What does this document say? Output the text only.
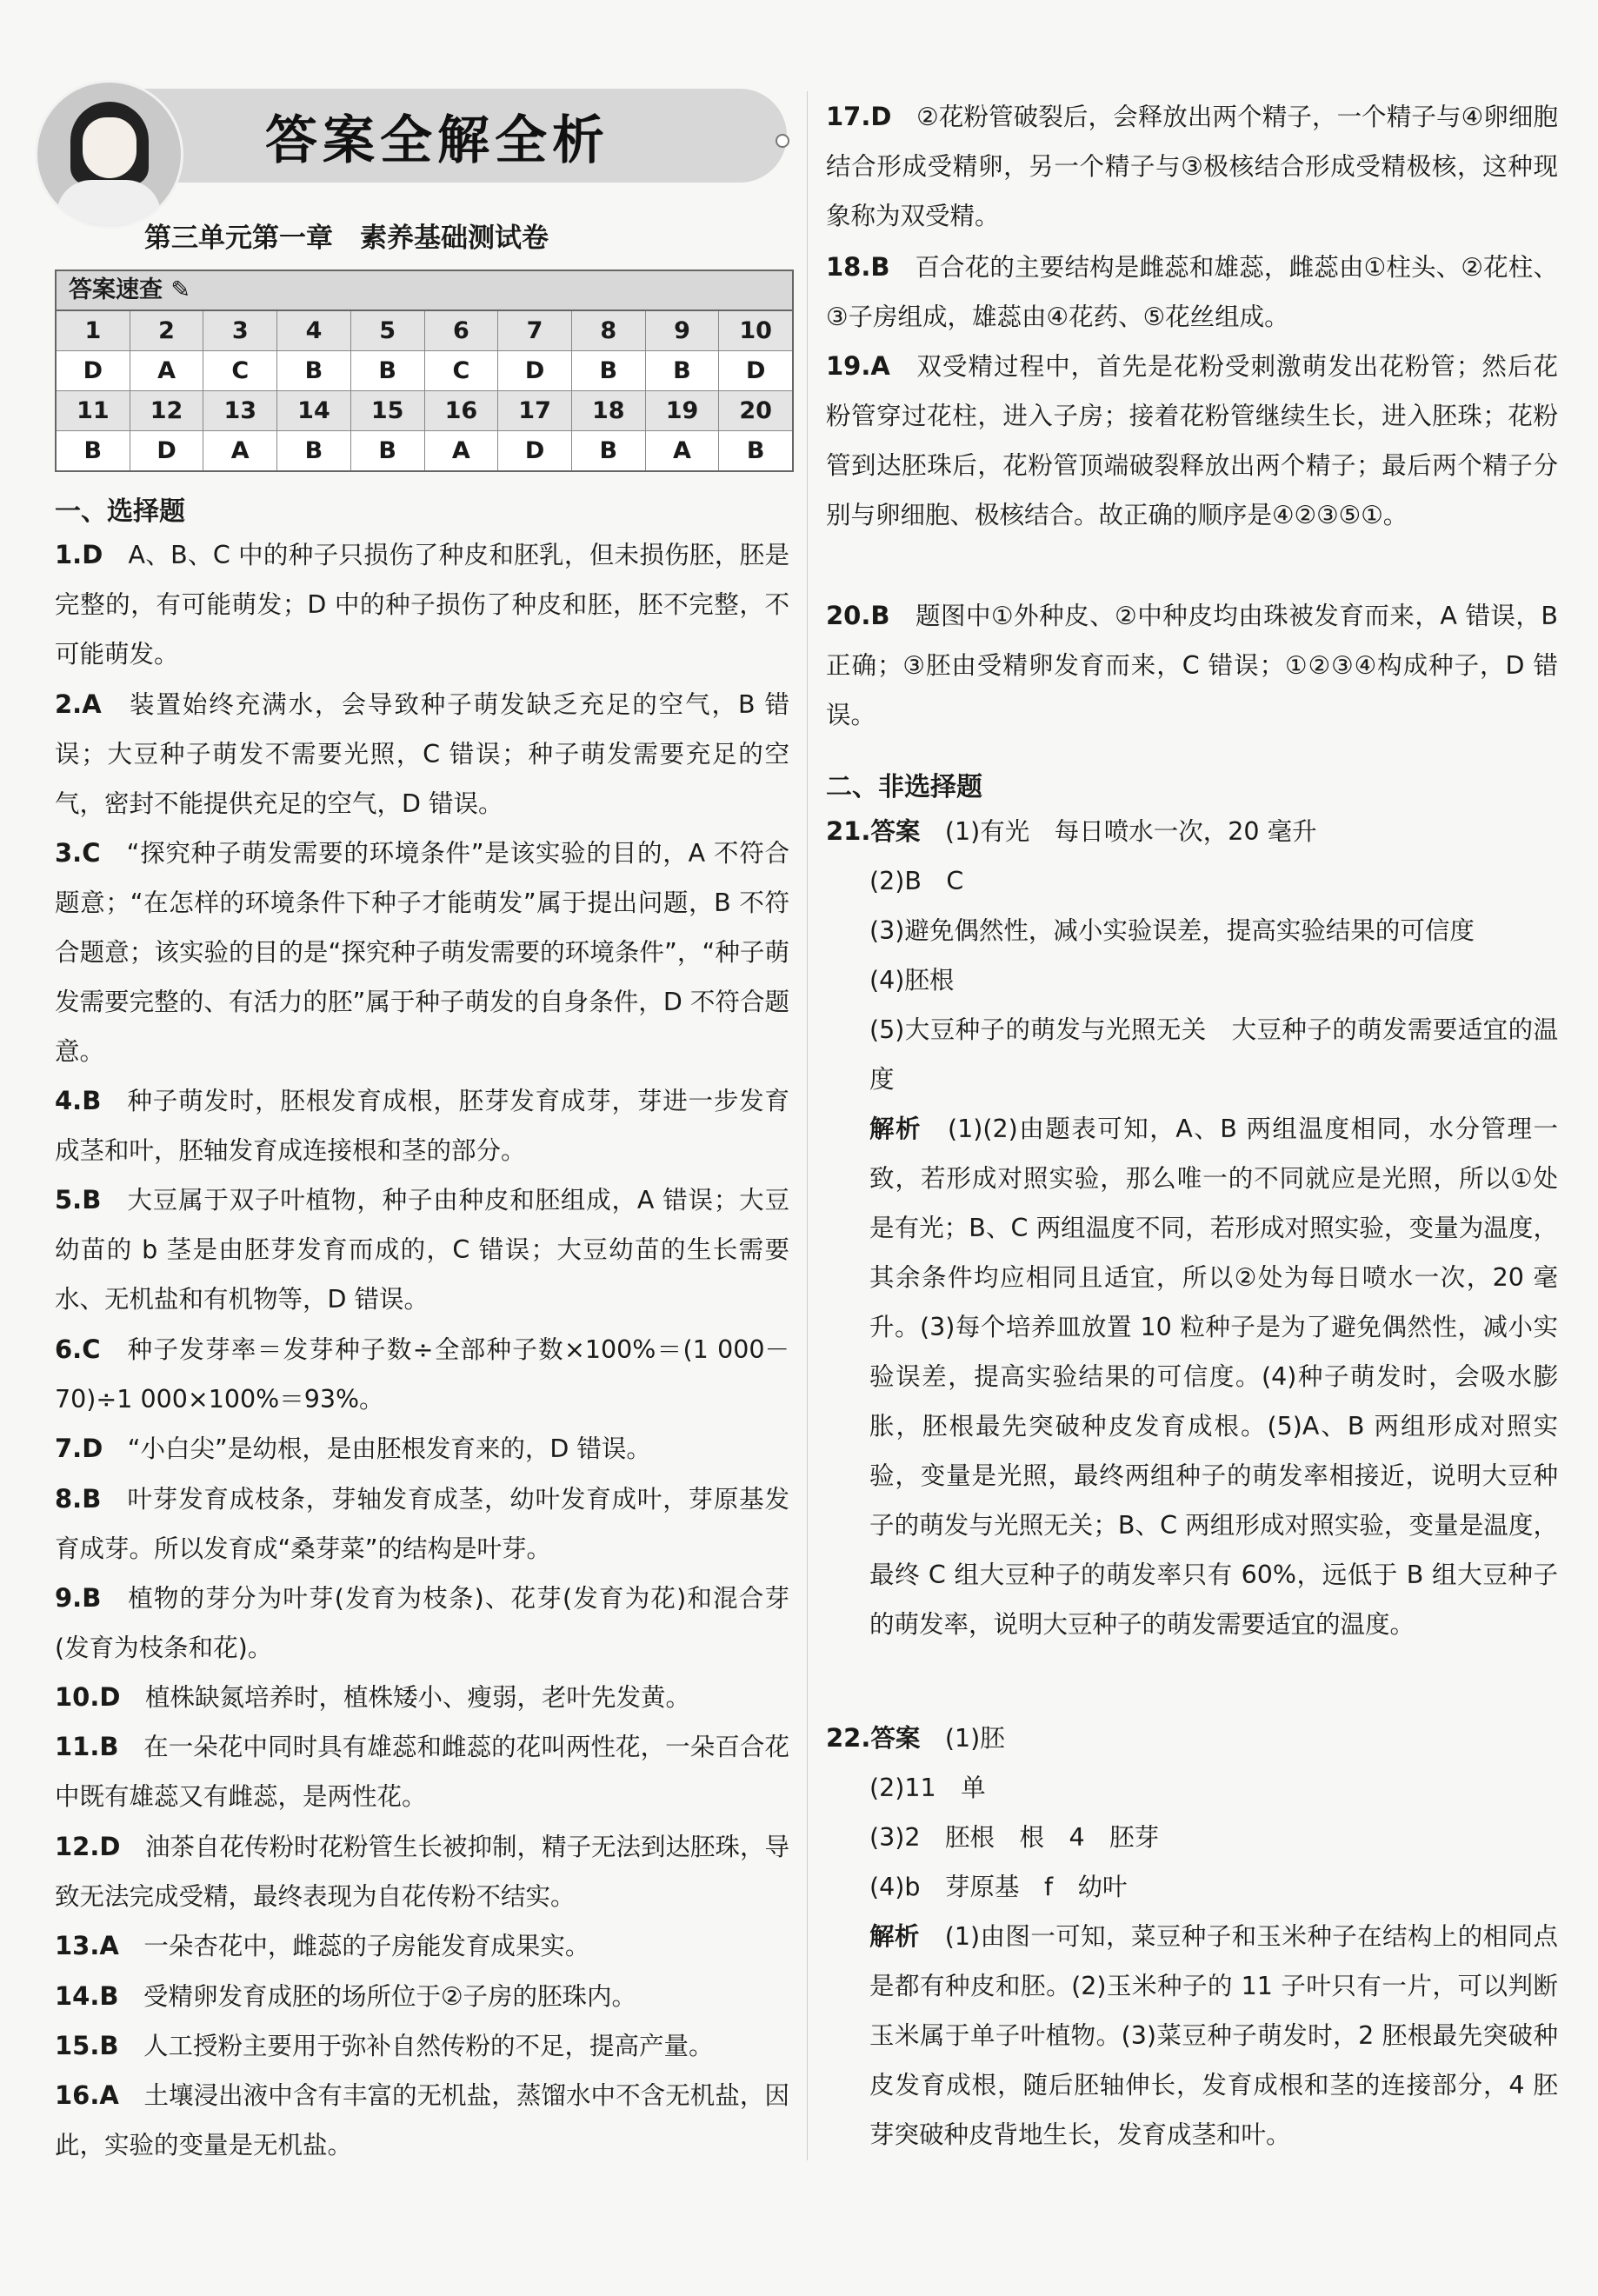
答案全解全析
第三单元第一章　素养基础测试卷
答案速查 ✎
1	2	3	4	5	6	7	8	9	10
D	A	C	B	B	C	D	B	B	D
11	12	13	14	15	16	17	18	19	20
B	D	A	B	B	A	D	B	A	B
一、选择题

1.D　 A、B、C 中的种子只损伤了种皮和胚乳，但未损伤胚，胚是完整的，有可能萌发；D 中的种子损伤了种皮和胚，胚不完整，不可能萌发。

2.A　 装置始终充满水，会导致种子萌发缺乏充足的空气，B 错误；大豆种子萌发不需要光照，C 错误；种子萌发需要充足的空气，密封不能提供充足的空气，D 错误。

3.C　 “探究种子萌发需要的环境条件”是该实验的目的，A 不符合题意；“在怎样的环境条件下种子才能萌发”属于提出问题，B 不符合题意；该实验的目的是“探究种子萌发需要的环境条件”，“种子萌发需要完整的、有活力的胚”属于种子萌发的自身条件，D 不符合题意。

4.B　 种子萌发时，胚根发育成根，胚芽发育成芽，芽进一步发育成茎和叶，胚轴发育成连接根和茎的部分。

5.B　 大豆属于双子叶植物，种子由种皮和胚组成，A 错误；大豆幼苗的 b 茎是由胚芽发育而成的，C 错误；大豆幼苗的生长需要水、无机盐和有机物等，D 错误。

6.C　 种子发芽率＝发芽种子数÷全部种子数×100%＝(1 000－70)÷1 000×100%＝93%。

7.D　 “小白尖”是幼根，是由胚根发育来的，D 错误。

8.B　 叶芽发育成枝条，芽轴发育成茎，幼叶发育成叶，芽原基发育成芽。所以发育成“桑芽菜”的结构是叶芽。

9.B　 植物的芽分为叶芽(发育为枝条)、花芽(发育为花)和混合芽(发育为枝条和花)。

10.D　 植株缺氮培养时，植株矮小、瘦弱，老叶先发黄。

11.B　 在一朵花中同时具有雄蕊和雌蕊的花叫两性花，一朵百合花中既有雄蕊又有雌蕊，是两性花。

12.D　 油茶自花传粉时花粉管生长被抑制，精子无法到达胚珠，导致无法完成受精，最终表现为自花传粉不结实。

13.A　 一朵杏花中，雌蕊的子房能发育成果实。

14.B　 受精卵发育成胚的场所位于②子房的胚珠内。

15.B　 人工授粉主要用于弥补自然传粉的不足，提高产量。

16.A　 土壤浸出液中含有丰富的无机盐，蒸馏水中不含无机盐，因此，实验的变量是无机盐。

17.D　 ②花粉管破裂后，会释放出两个精子，一个精子与④卵细胞结合形成受精卵，另一个精子与③极核结合形成受精极核，这种现象称为双受精。

18.B　 百合花的主要结构是雌蕊和雄蕊，雌蕊由①柱头、②花柱、③子房组成，雄蕊由④花药、⑤花丝组成。

19.A　 双受精过程中，首先是花粉受刺激萌发出花粉管；然后花粉管穿过花柱，进入子房；接着花粉管继续生长，进入胚珠；花粉管到达胚珠后，花粉管顶端破裂释放出两个精子；最后两个精子分别与卵细胞、极核结合。故正确的顺序是④②③⑤①。

20.B　 题图中①外种皮、②中种皮均由珠被发育而来，A 错误，B 正确；③胚由受精卵发育而来，C 错误；①②③④构成种子，D 错误。

二、非选择题

21.答案　 (1)有光　每日喷水一次，20 毫升

(2)B　C

(3)避免偶然性，减小实验误差，提高实验结果的可信度

(4)胚根

(5)大豆种子的萌发与光照无关　大豆种子的萌发需要适宜的温度

解析　 (1)(2)由题表可知，A、B 两组温度相同，水分管理一致，若形成对照实验，那么唯一的不同就应是光照，所以①处是有光；B、C 两组温度不同，若形成对照实验，变量为温度，其余条件均应相同且适宜，所以②处为每日喷水一次，20 毫升。(3)每个培养皿放置 10 粒种子是为了避免偶然性，减小实验误差，提高实验结果的可信度。(4)种子萌发时，会吸水膨胀，胚根最先突破种皮发育成根。(5)A、B 两组形成对照实验，变量是光照，最终两组种子的萌发率相接近，说明大豆种子的萌发与光照无关；B、C 两组形成对照实验，变量是温度，最终 C 组大豆种子的萌发率只有 60%，远低于 B 组大豆种子的萌发率，说明大豆种子的萌发需要适宜的温度。

22.答案　 (1)胚

(2)11　单

(3)2　胚根　根　4　胚芽

(4)b　芽原基　f　幼叶

解析　 (1)由图一可知，菜豆种子和玉米种子在结构上的相同点是都有种皮和胚。(2)玉米种子的 11 子叶只有一片，可以判断玉米属于单子叶植物。(3)菜豆种子萌发时，2 胚根最先突破种皮发育成根，随后胚轴伸长，发育成根和茎的连接部分，4 胚芽突破种皮背地生长，发育成茎和叶。
